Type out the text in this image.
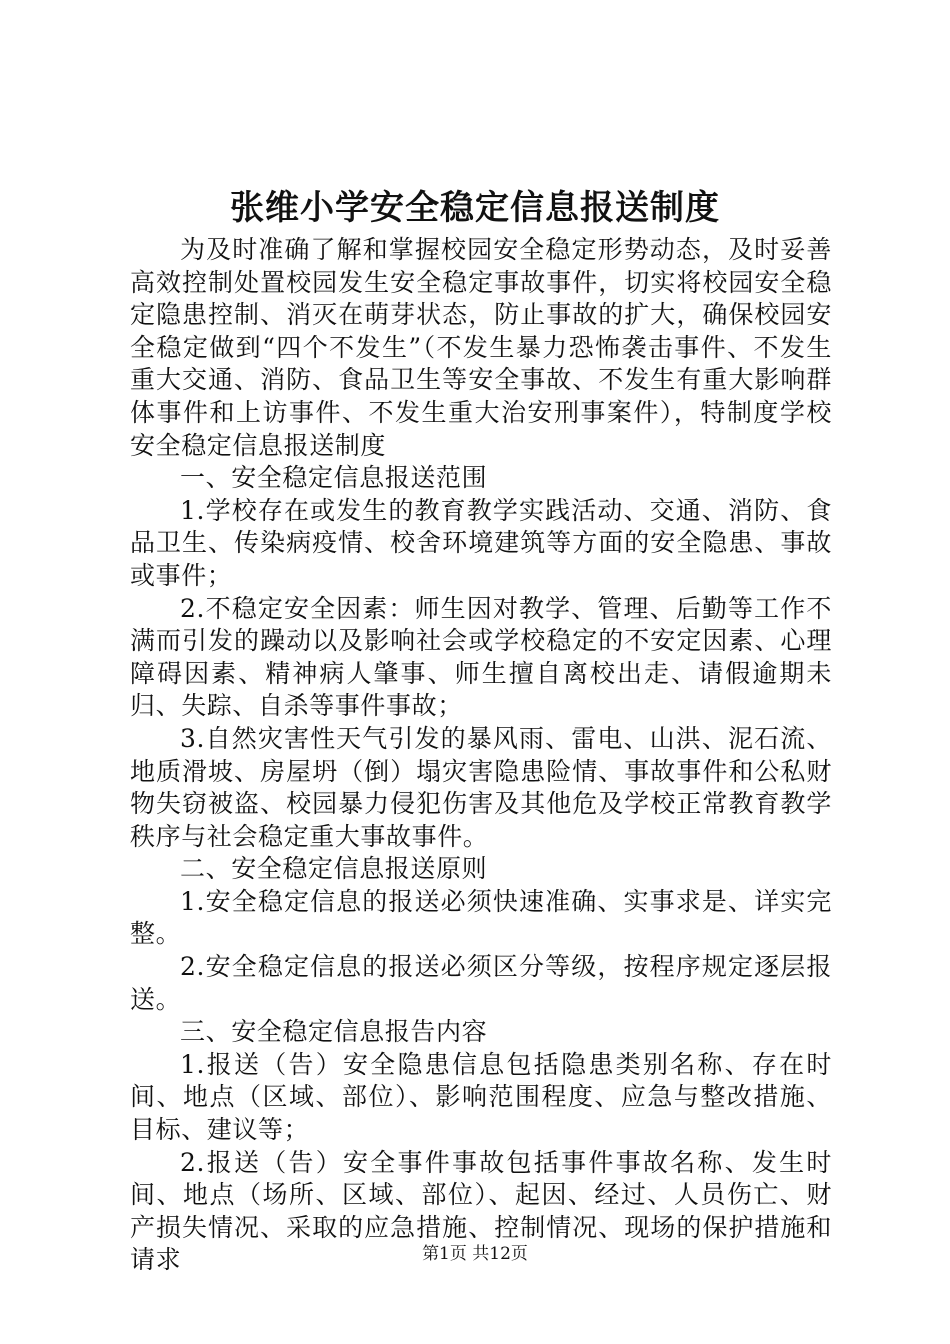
张维小学安全稳定信息报送制度

为及时准确了解和掌握校园安全稳定形势动态，及时妥善高效控制处置校园发生安全稳定事故事件，切实将校园安全稳定隐患控制、消灭在萌芽状态，防止事故的扩大，确保校园安全稳定做到“四个不发生”（不发生暴力恐怖袭击事件、不发生重大交通、消防、食品卫生等安全事故、不发生有重大影响群体事件和上访事件、不发生重大治安刑事案件），特制度学校安全稳定信息报送制度

一、安全稳定信息报送范围

1.学校存在或发生的教育教学实践活动、交通、消防、食品卫生、传染病疫情、校舍环境建筑等方面的安全隐患、事故或事件；

2.不稳定安全因素：师生因对教学、管理、后勤等工作不满而引发的躁动以及影响社会或学校稳定的不安定因素、心理障碍因素、精神病人肇事、师生擅自离校出走、请假逾期未归、失踪、自杀等事件事故；

3.自然灾害性天气引发的暴风雨、雷电、山洪、泥石流、地质滑坡、房屋坍（倒）塌灾害隐患险情、事故事件和公私财物失窃被盗、校园暴力侵犯伤害及其他危及学校正常教育教学秩序与社会稳定重大事故事件。

二、安全稳定信息报送原则

1.安全稳定信息的报送必须快速准确、实事求是、详实完整。

2.安全稳定信息的报送必须区分等级，按程序规定逐层报送。

三、安全稳定信息报告内容

1.报送（告）安全隐患信息包括隐患类别名称、存在时间、地点（区域、部位）、影响范围程度、应急与整改措施、目标、建议等；

2.报送（告）安全事件事故包括事件事故名称、发生时间、地点（场所、区域、部位）、起因、经过、人员伤亡、财产损失情况、采取的应急措施、控制情况、现场的保护措施和请求	第1页 共12页
